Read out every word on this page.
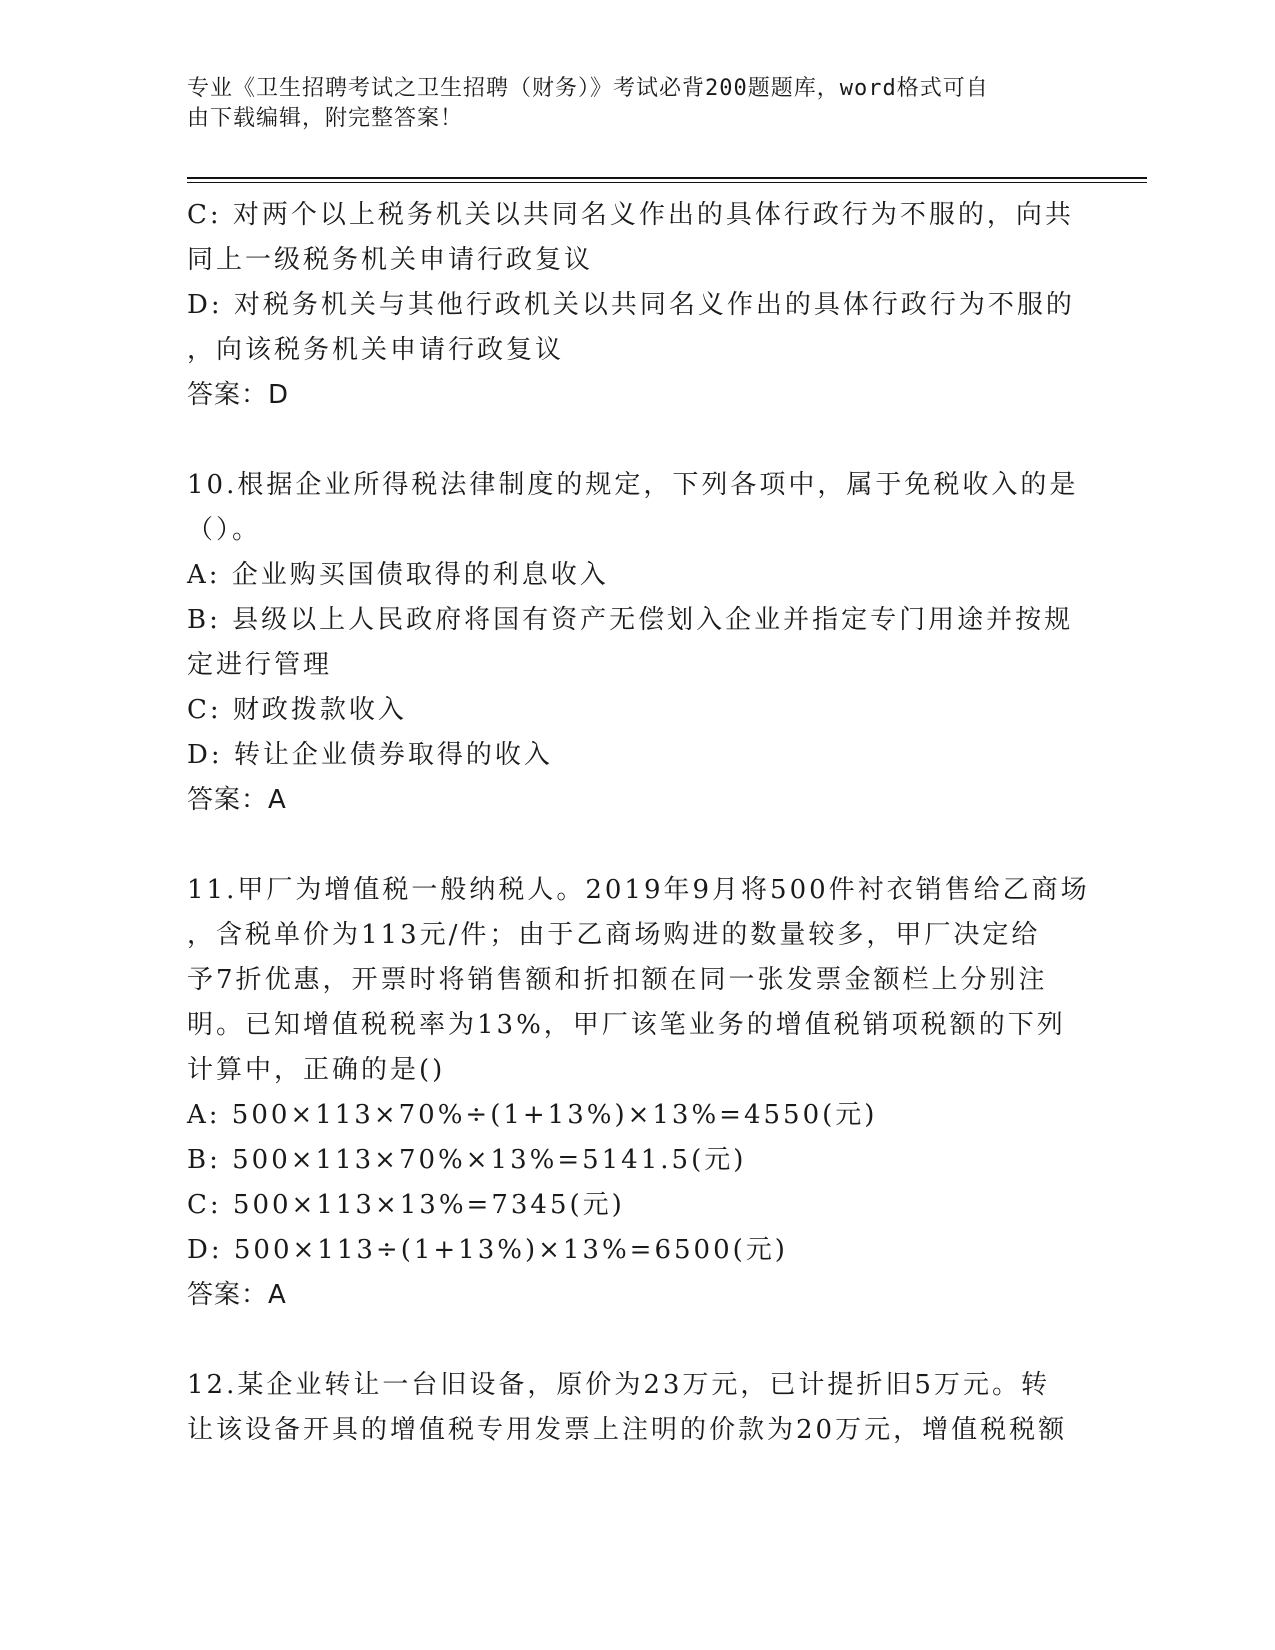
专业《卫生招聘考试之卫生招聘（财务）》考试必背200题题库，word格式可自
由下载编辑，附完整答案！
C: 对两个以上税务机关以共同名义作出的具体行政行为不服的，向共
同上一级税务机关申请行政复议
D: 对税务机关与其他行政机关以共同名义作出的具体行政行为不服的
，向该税务机关申请行政复议
答案：D
10.根据企业所得税法律制度的规定，下列各项中，属于免税收入的是
（）。
A: 企业购买国债取得的利息收入
B: 县级以上人民政府将国有资产无偿划入企业并指定专门用途并按规
定进行管理
C: 财政拨款收入
D: 转让企业债券取得的收入
答案：A
11.甲厂为增值税一般纳税人。2019年9月将500件衬衣销售给乙商场
，含税单价为113元/件；由于乙商场购进的数量较多，甲厂决定给
予7折优惠，开票时将销售额和折扣额在同一张发票金额栏上分别注
明。已知增值税税率为13%，甲厂该笔业务的增值税销项税额的下列
计算中，正确的是()
A: 500×113×70%÷(1+13%)×13%=4550(元)
B: 500×113×70%×13%=5141.5(元)
C: 500×113×13%=7345(元)
D: 500×113÷(1+13%)×13%=6500(元)
答案：A
12.某企业转让一台旧设备，原价为23万元，已计提折旧5万元。转
让该设备开具的增值税专用发票上注明的价款为20万元，增值税税额
